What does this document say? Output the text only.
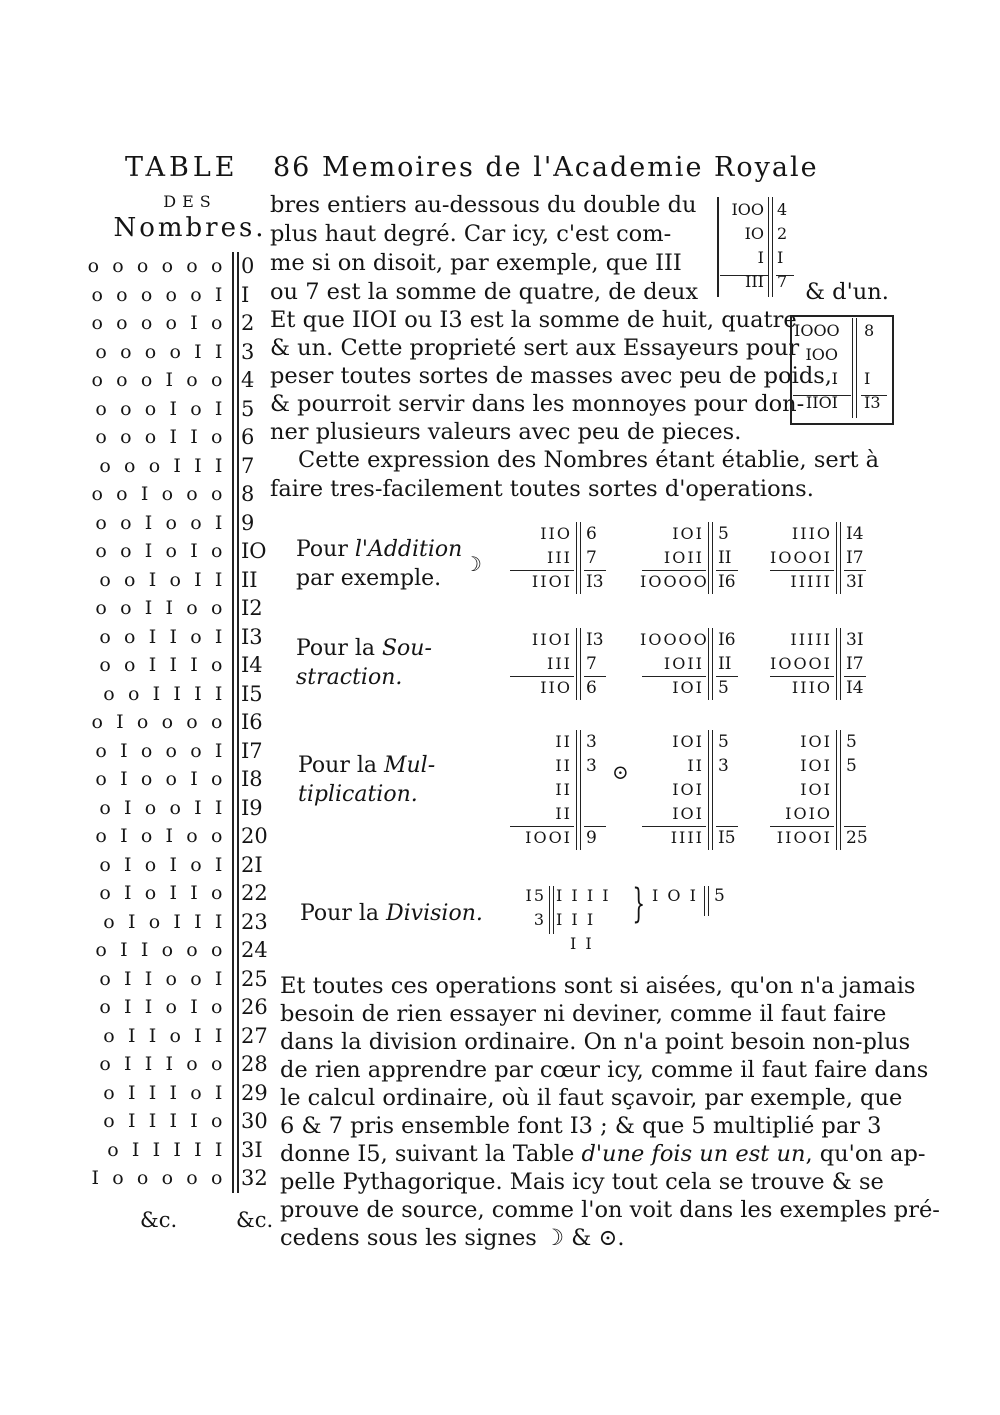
TABLE 86 Memoires de l'Academie Royale
DES
Nombres.
o o o o o o 0
o o o o o I I
o o o o I o 2
o o o o I I 3
o o o I o o 4
o o o I o I 5
o o o I I o 6
o o o I I I 7
o o I o o o 8
o o I o o I 9
o o I o I o IO
o o I o I I II
o o I I o o I2
o o I I o I I3
o o I I I o I4
o o I I I I I5
o I o o o o I6
o I o o o I I7
o I o o I o I8
o I o o I I I9
o I o I o o 20
o I o I o I 2I
o I o I I o 22
o I o I I I 23
o I I o o o 24
o I I o o I 25
o I I o I o 26
o I I o I I 27
o I I I o o 28
o I I I o I 29
o I I I I o 30
o I I I I I 3I
I o o o o o 32
&c.	&c.
bres entiers au-dessous du double du
plus haut degré. Car icy, c'est com-
me si on disoit, par exemple, que III
ou 7 est la somme de quatre, de deux	& d'un.
Et que IIOI ou I3 est la somme de huit, quatre
& un. Cette proprieté sert aux Essayeurs pour
peser toutes sortes de masses avec peu de poids,
& pourroit servir dans les monnoyes pour don-
ner plusieurs valeurs avec peu de pieces.
IOO
IO
I
III
4
2
I
7
IOOO
IOO
I
IIOI
8
I
I3
Cette expression des Nombres étant établie, sert à
faire tres-facilement toutes sortes d'operations.
Pour l'Addition
par exemple.
☽
IIO
III
IIOI
6
7
I3
IOI
IOII
IOOOO
5
II
I6
IIIO
IOOOI
IIIII
I4
I7
3I
Pour la Sou-
straction.
IIOI
III
IIO
I3
7
6
IOOOO
IOII
IOI
I6
II
5
IIIII
IOOOI
IIIO
3I
I7
I4
Pour la Mul-
tiplication.
⊙
II
II
II
II
IOOI
3
3
9
IOI
II
IOI
IOI
IIII
5
3
I5
IOI
IOI
IOI
IOIO
IIOOI
5
5
25
Pour la Division.
I5
3
I I I I
I I I
I I
} I O I 5
Et toutes ces operations sont si aisées, qu'on n'a jamais
besoin de rien essayer ni deviner, comme il faut faire
dans la division ordinaire. On n'a point besoin non-plus
de rien apprendre par cœur icy, comme il faut faire dans
le calcul ordinaire, où il faut sçavoir, par exemple, que
6 & 7 pris ensemble font I3 ; & que 5 multiplié par 3
donne I5, suivant la Table d'une fois un est un, qu'on ap-
pelle Pythagorique. Mais icy tout cela se trouve & se
prouve de source, comme l'on voit dans les exemples pré-
cedens sous les signes ☽ & ⊙.
